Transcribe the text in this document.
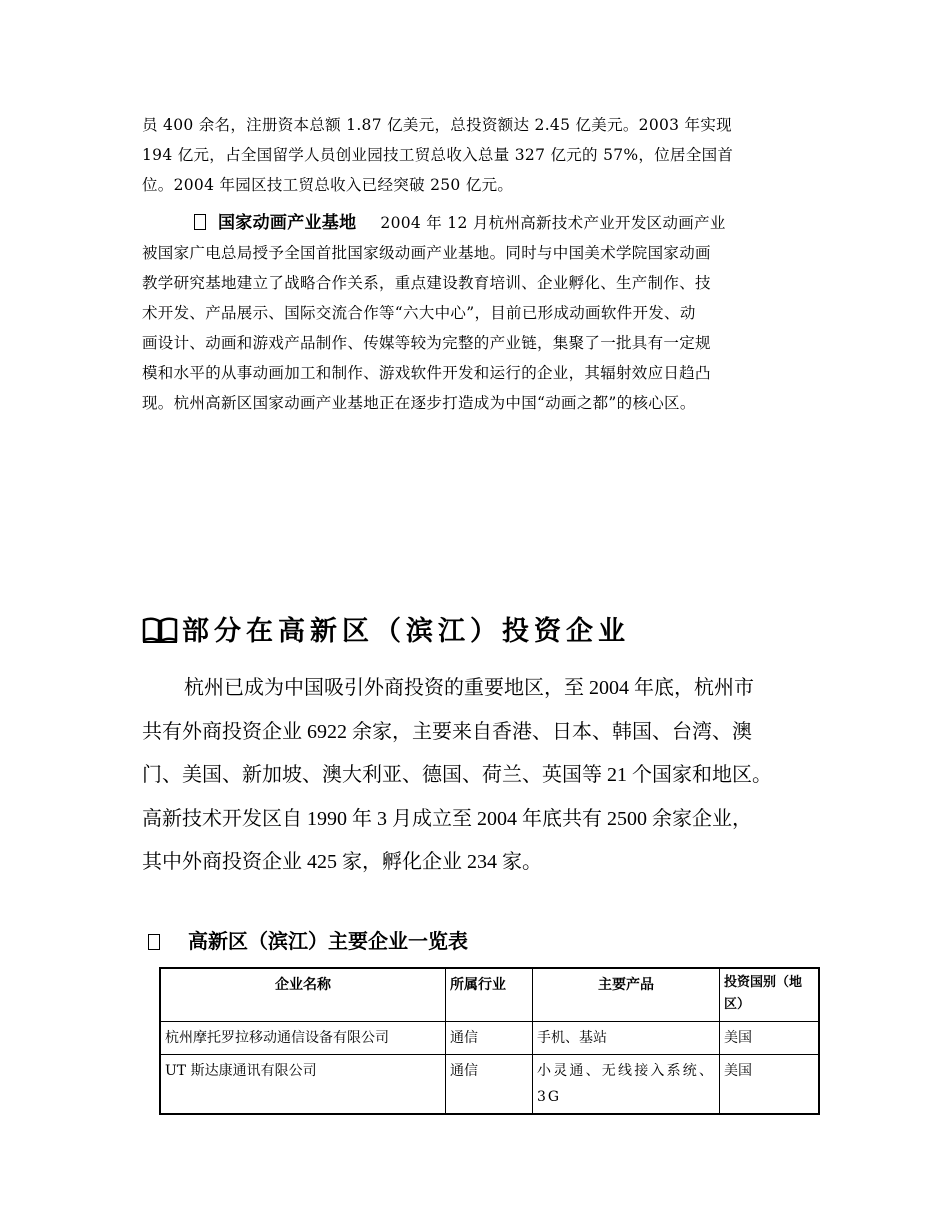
员 400 余名，注册资本总额 1.87 亿美元，总投资额达 2.45 亿美元。2003 年实现
194 亿元，占全国留学人员创业园技工贸总收入总量 327 亿元的 57%，位居全国首
位。2004 年园区技工贸总收入已经突破 250 亿元。
国家动画产业基地 2004 年 12 月杭州高新技术产业开发区动画产业
被国家广电总局授予全国首批国家级动画产业基地。同时与中国美术学院国家动画
教学研究基地建立了战略合作关系，重点建设教育培训、企业孵化、生产制作、技
术开发、产品展示、国际交流合作等“六大中心”，目前已形成动画软件开发、动
画设计、动画和游戏产品制作、传媒等较为完整的产业链，集聚了一批具有一定规
模和水平的从事动画加工和制作、游戏软件开发和运行的企业，其辐射效应日趋凸
现。杭州高新区国家动画产业基地正在逐步打造成为中国“动画之都”的核心区。
部分在高新区（滨江）投资企业
杭州已成为中国吸引外商投资的重要地区，至 2004 年底，杭州市
共有外商投资企业 6922 余家，主要来自香港、日本、韩国、台湾、澳
门、美国、新加坡、澳大利亚、德国、荷兰、英国等 21 个国家和地区。
高新技术开发区自 1990 年 3 月成立至 2004 年底共有 2500 余家企业，
其中外商投资企业 425 家，孵化企业 234 家。
高新区（滨江）主要企业一览表
企业名称	所属行业	主要产品	投资国别（地区）
杭州摩托罗拉移动通信设备有限公司	通信	手机、基站	美国
UT 斯达康通讯有限公司	通信	小灵通、无线接入系统、3G	美国
